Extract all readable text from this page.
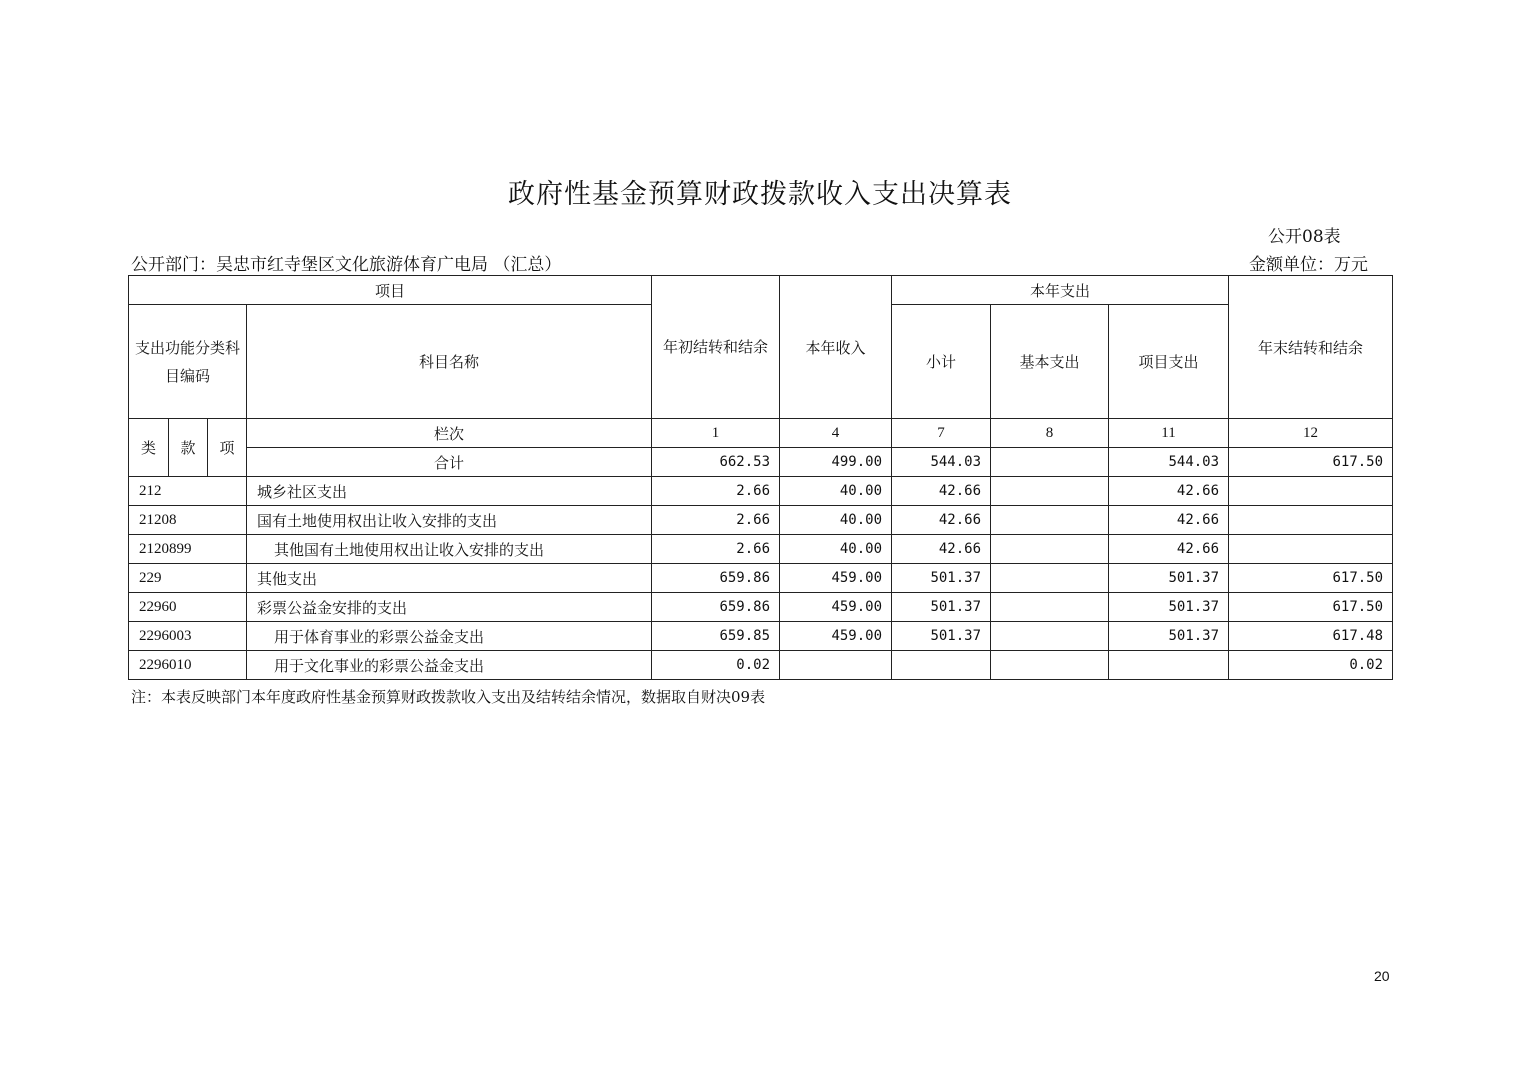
政府性基金预算财政拨款收入支出决算表
公开08表
公开部门：吴忠市红寺堡区文化旅游体育广电局 （汇总）	金额单位：万元
项目				年初结转和结余	本年收入	本年支出			年末结转和结余
支出功能分类科目编码			科目名称			小计	基本支出	项目支出	
类	款	项	栏次	1	4	7	8	11	12
			合计	662.53	499.00	544.03		544.03	617.50
212			城乡社区支出	2.66	40.00	42.66		42.66	
21208			国有土地使用权出让收入安排的支出	2.66	40.00	42.66		42.66	
2120899			其他国有土地使用权出让收入安排的支出	2.66	40.00	42.66		42.66	
229			其他支出	659.86	459.00	501.37		501.37	617.50
22960			彩票公益金安排的支出	659.86	459.00	501.37		501.37	617.50
2296003			用于体育事业的彩票公益金支出	659.85	459.00	501.37		501.37	617.48
2296010			用于文化事业的彩票公益金支出	0.02					0.02
注：本表反映部门本年度政府性基金预算财政拨款收入支出及结转结余情况，数据取自财决09表
20
